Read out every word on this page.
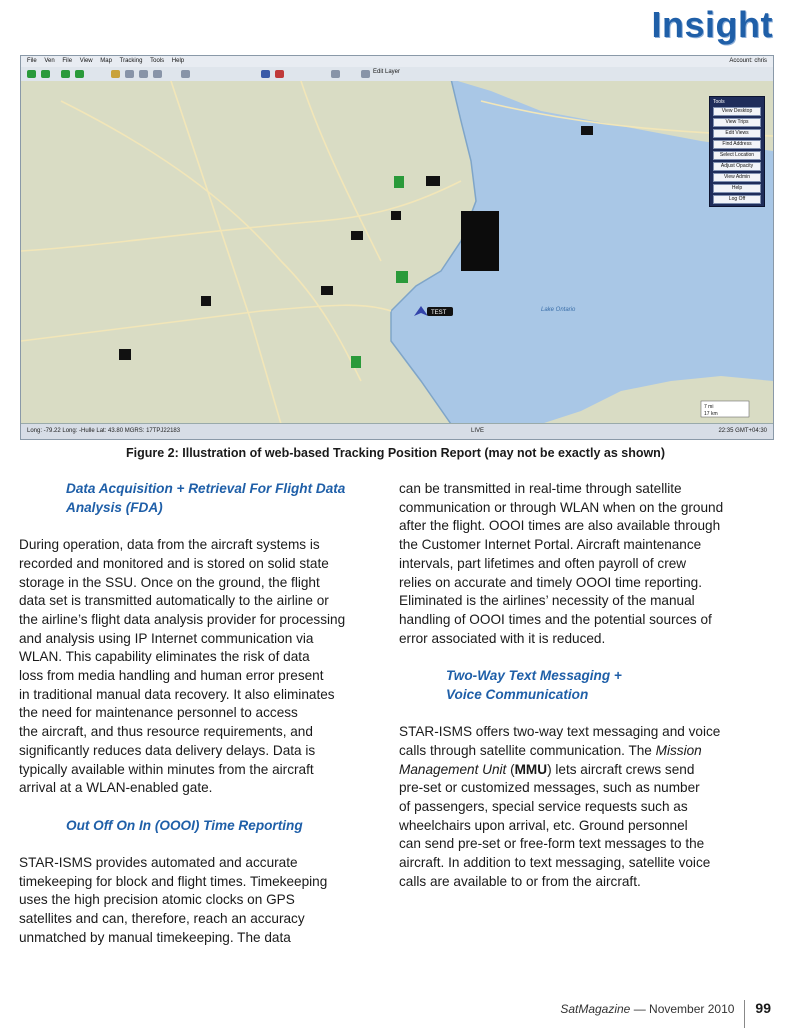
Insight
File Ven File View Map Tracking Tools Help	Account: chris
Edit Layer
TEST	Lake Ontario
7 mi
17 km
Tools
View Desktop
View Trips
Edit Views
Find Address
Select Location
Adjust Opacity
View Admin
Help
Log Off
Long: -79.22 Long: -Hulle Lat: 43.80 MGRS: 17TPJ22183	LIVE	22:35 GMT+04:30
Figure 2: Illustration of web-based Tracking Position Report (may not be exactly as shown)
Data Acquisition + Retrieval For Flight Data
Analysis (FDA)

During operation, data from the aircraft systems is

recorded and monitored and is stored on solid state

storage in the SSU. Once on the ground, the flight

data set is transmitted automatically to the airline or

the airline’s flight data analysis provider for processing

and analysis using IP Internet communication via

WLAN. This capability eliminates the risk of data

loss from media handling and human error present

in traditional manual data recovery. It also eliminates

the need for maintenance personnel to access

the aircraft, and thus resource requirements, and

significantly reduces data delivery delays. Data is

typically available within minutes from the aircraft

arrival at a WLAN-enabled gate.

Out Off On In (OOOI) Time Reporting

STAR-ISMS provides automated and accurate

timekeeping for block and flight times. Timekeeping

uses the high precision atomic clocks on GPS

satellites and can, therefore, reach an accuracy

unmatched by manual timekeeping. The data

can be transmitted in real-time through satellite

communication or through WLAN when on the ground

after the flight. OOOI times are also available through

the Customer Internet Portal. Aircraft maintenance

intervals, part lifetimes and often payroll of crew

relies on accurate and timely OOOI time reporting.

Eliminated is the airlines’ necessity of the manual

handling of OOOI times and the potential sources of

error associated with it is reduced.

Two-Way Text Messaging +
Voice Communication

STAR-ISMS offers two-way text messaging and voice

calls through satellite communication. The Mission

Management Unit (MMU) lets aircraft crews send

pre-set or customized messages, such as number

of passengers, special service requests such as

wheelchairs upon arrival, etc. Ground personnel

can send pre-set or free-form text messages to the

aircraft. In addition to text messaging, satellite voice

calls are available to or from the aircraft.

SatMagazine — November 2010 99
